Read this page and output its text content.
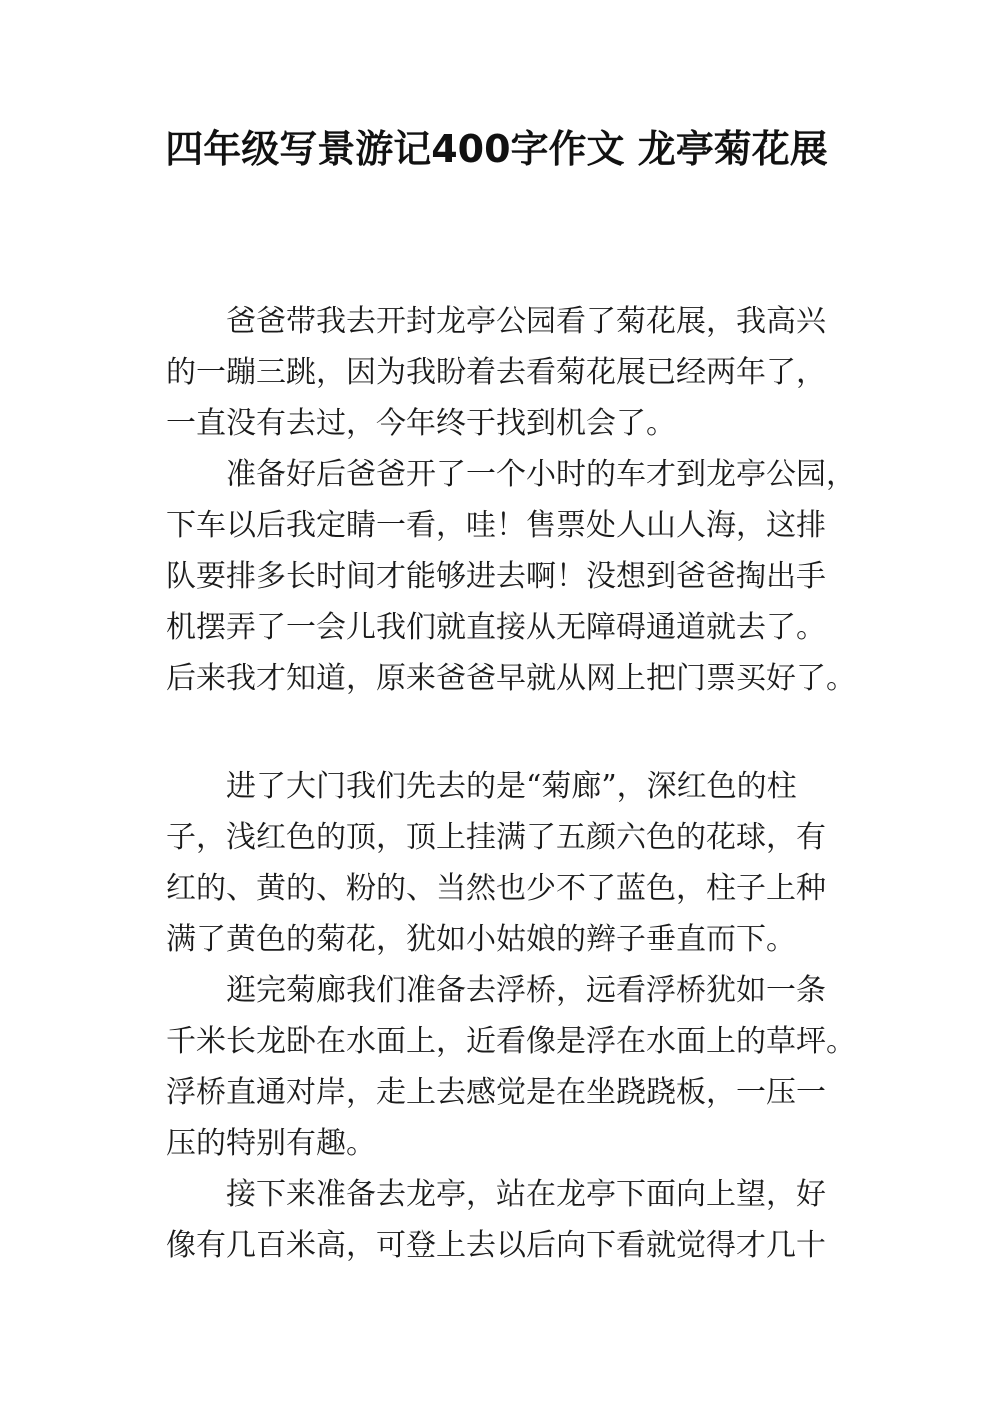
四年级写景游记400字作文 龙亭菊花展
爸爸带我去开封龙亭公园看了菊花展，我高兴
的一蹦三跳，因为我盼着去看菊花展已经两年了，
一直没有去过，今年终于找到机会了。
准备好后爸爸开了一个小时的车才到龙亭公园，
下车以后我定睛一看，哇！售票处人山人海，这排
队要排多长时间才能够进去啊！没想到爸爸掏出手
机摆弄了一会儿我们就直接从无障碍通道就去了。
后来我才知道，原来爸爸早就从网上把门票买好了。
进了大门我们先去的是“菊廊”，深红色的柱
子，浅红色的顶，顶上挂满了五颜六色的花球，有
红的、黄的、粉的、当然也少不了蓝色，柱子上种
满了黄色的菊花，犹如小姑娘的辫子垂直而下。
逛完菊廊我们准备去浮桥，远看浮桥犹如一条
千米长龙卧在水面上，近看像是浮在水面上的草坪。
浮桥直通对岸，走上去感觉是在坐跷跷板，一压一
压的特别有趣。
接下来准备去龙亭，站在龙亭下面向上望，好
像有几百米高，可登上去以后向下看就觉得才几十
